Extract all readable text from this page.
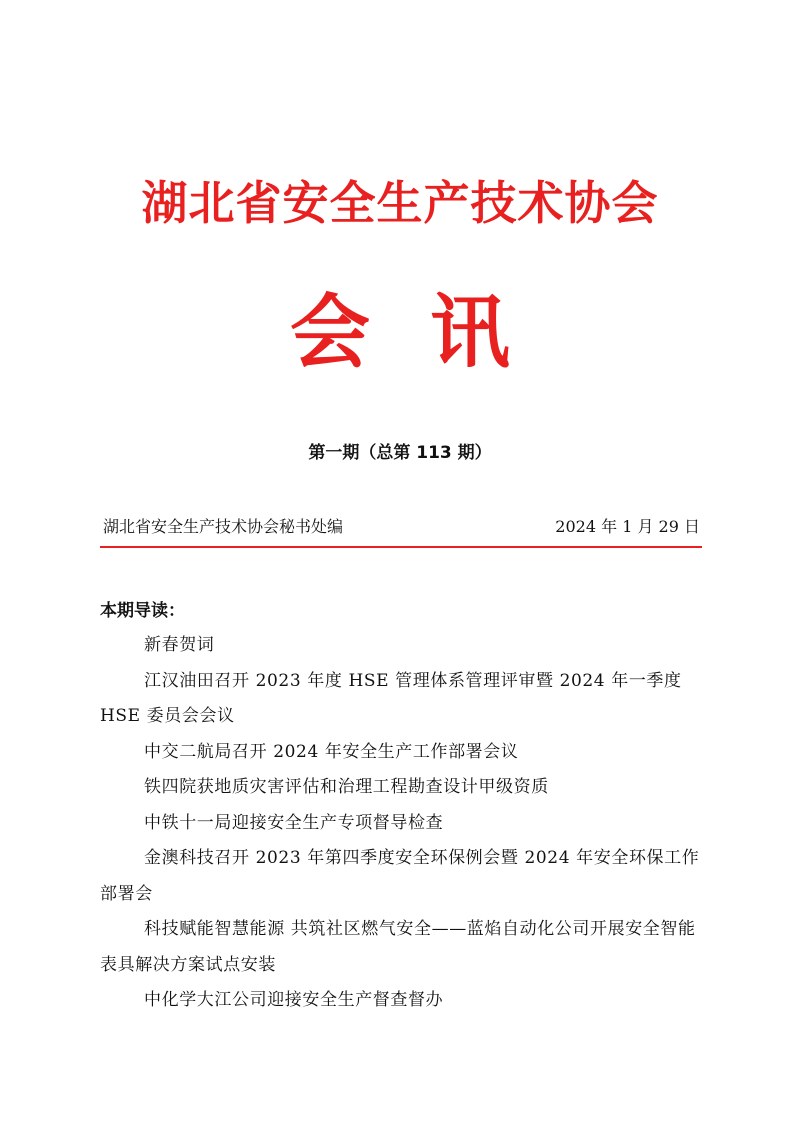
湖北省安全生产技术协会
会讯
第一期（总第 113 期）
湖北省安全生产技术协会秘书处编	2024 年 1 月 29 日
本期导读：
新春贺词
江汉油田召开 2023 年度 HSE 管理体系管理评审暨 2024 年一季度 HSE 委员会会议
中交二航局召开 2024 年安全生产工作部署会议
铁四院获地质灾害评估和治理工程勘查设计甲级资质
中铁十一局迎接安全生产专项督导检查
金澳科技召开 2023 年第四季度安全环保例会暨 2024 年安全环保工作部署会
科技赋能智慧能源 共筑社区燃气安全——蓝焰自动化公司开展安全智能表具解决方案试点安装
中化学大江公司迎接安全生产督查督办
